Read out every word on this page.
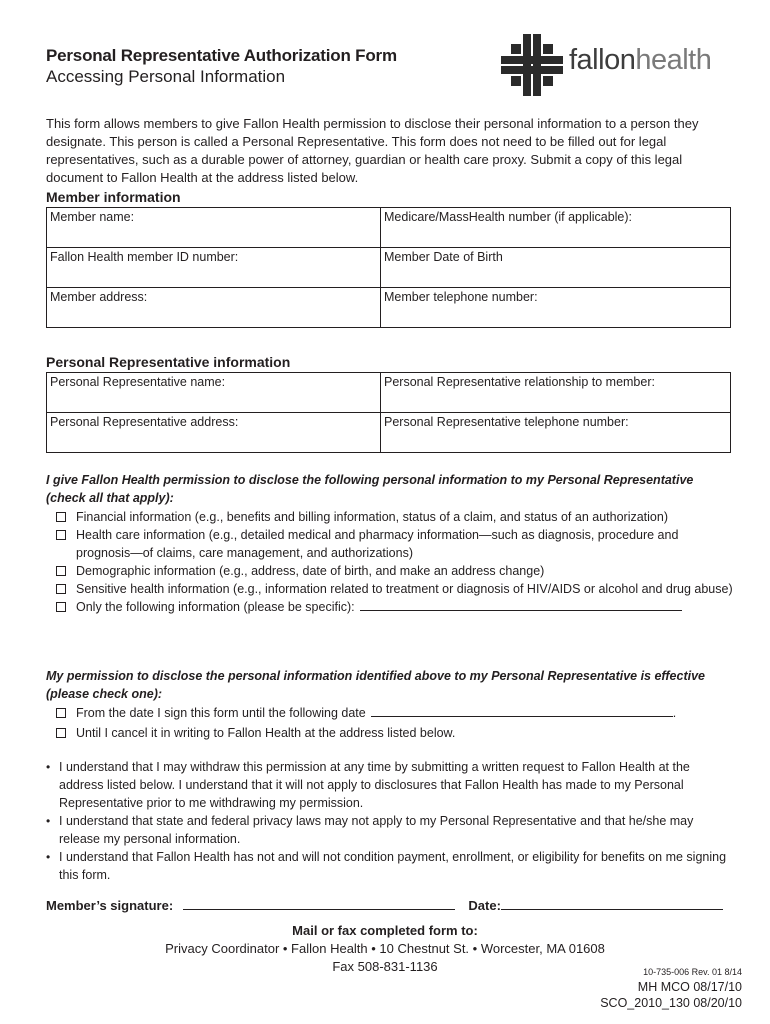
Personal Representative Authorization Form
Accessing Personal Information
fallonhealth
This form allows members to give Fallon Health permission to disclose their personal information to a person they designate. This person is called a Personal Representative. This form does not need to be filled out for legal representatives, such as a durable power of attorney, guardian or health care proxy. Submit a copy of this legal document to Fallon Health at the address listed below.
Member information
Member name:	Medicare/MassHealth number (if applicable):
Fallon Health member ID number:	Member Date of Birth
Member address:	Member telephone number:
Personal Representative information
Personal Representative name:	Personal Representative relationship to member:
Personal Representative address:	Personal Representative telephone number:
I give Fallon Health permission to disclose the following personal information to my Personal Representative (check all that apply):
Financial information (e.g., benefits and billing information, status of a claim, and status of an authorization)
Health care information (e.g., detailed medical and pharmacy information—such as diagnosis, procedure and prognosis—of claims, care management, and authorizations)
Demographic information (e.g., address, date of birth, and make an address change)
Sensitive health information (e.g., information related to treatment or diagnosis of HIV/AIDS or alcohol and drug abuse)
Only the following information (please be specific):
My permission to disclose the personal information identified above to my Personal Representative is effective (please check one):
From the date I sign this form until the following date	.
Until I cancel it in writing to Fallon Health at the address listed below.
• I understand that I may withdraw this permission at any time by submitting a written request to Fallon Health at the address listed below. I understand that it will not apply to disclosures that Fallon Health has made to my Personal Representative prior to me withdrawing my permission.
• I understand that state and federal privacy laws may not apply to my Personal Representative and that he/she may release my personal information.
• I understand that Fallon Health has not and will not condition payment, enrollment, or eligibility for benefits on me signing this form.
Member’s signature:	Date:
Mail or fax completed form to:
Privacy Coordinator • Fallon Health • 10 Chestnut St. • Worcester, MA 01608
Fax 508-831-1136	10-735-006 Rev. 01 8/14
MH MCO 08/17/10
SCO_2010_130 08/20/10
